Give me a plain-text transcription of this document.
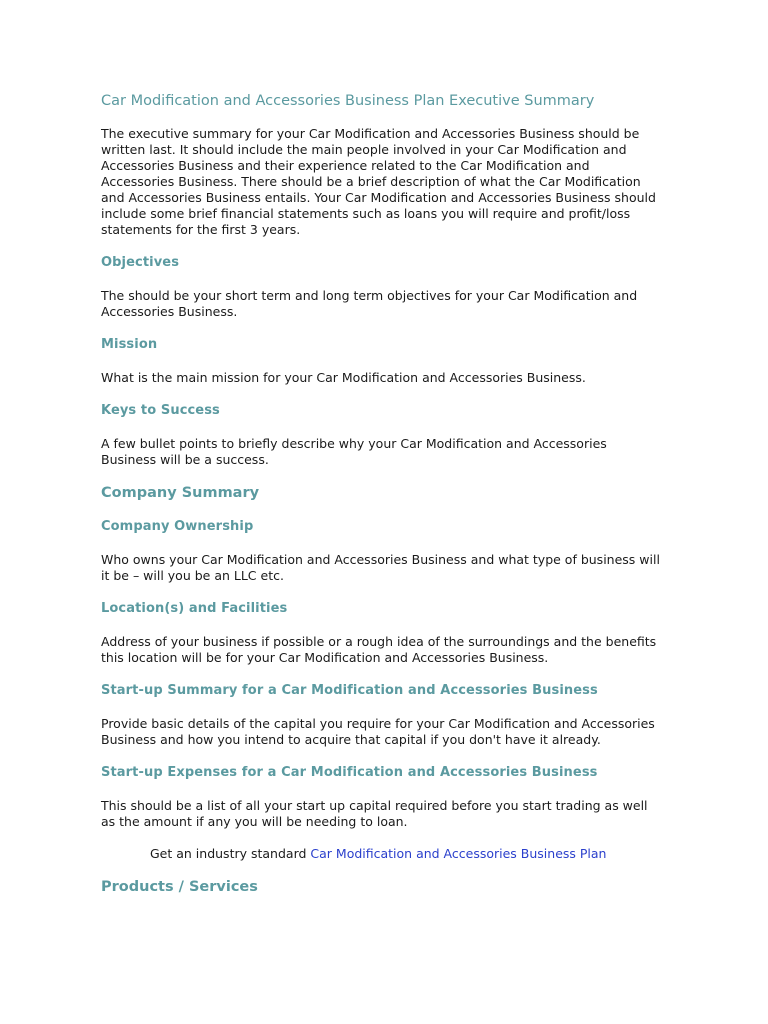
Car Modification and Accessories Business Plan Executive Summary

The executive summary for your Car Modification and Accessories Business should be written last. It should include the main people involved in your Car Modification and Accessories Business and their experience related to the Car Modification and Accessories Business. There should be a brief description of what the Car Modification and Accessories Business entails. Your Car Modification and Accessories Business should include some brief financial statements such as loans you will require and profit/loss statements for the first 3 years.

Objectives

The should be your short term and long term objectives for your Car Modification and Accessories Business.

Mission

What is the main mission for your Car Modification and Accessories Business.

Keys to Success

A few bullet points to briefly describe why your Car Modification and Accessories Business will be a success.

Company Summary
Company Ownership

Who owns your Car Modification and Accessories Business and what type of business will it be – will you be an LLC etc.

Location(s) and Facilities

Address of your business if possible or a rough idea of the surroundings and the benefits this location will be for your Car Modification and Accessories Business.

Start-up Summary for a Car Modification and Accessories Business

Provide basic details of the capital you require for your Car Modification and Accessories Business and how you intend to acquire that capital if you don't have it already.

Start-up Expenses for a Car Modification and Accessories Business

This should be a list of all your start up capital required before you start trading as well as the amount if any you will be needing to loan.

Get an industry standard Car Modification and Accessories Business Plan
Products / Services
